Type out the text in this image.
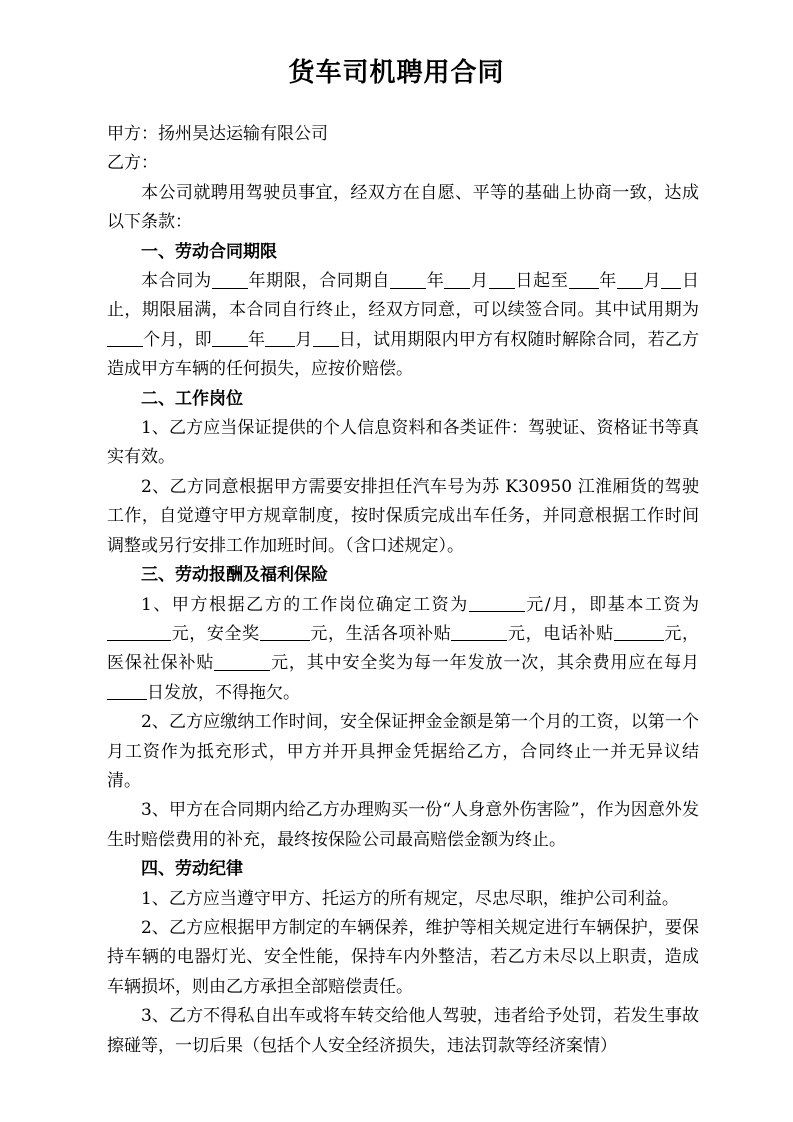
货车司机聘用合同

甲方：扬州昊达运输有限公司

乙方：

本公司就聘用驾驶员事宜，经双方在自愿、平等的基础上协商一致，达成以下条款：

一、劳动合同期限

本合同为 年期限，合同期自 年 月 日起至 年 月 日止，期限届满，本合同自行终止，经双方同意，可以续签合同。其中试用期为个月，即 年 月 日，试用期限内甲方有权随时解除合同，若乙方造成甲方车辆的任何损失，应按价赔偿。

二、工作岗位

1、乙方应当保证提供的个人信息资料和各类证件：驾驶证、资格证书等真实有效。

2、乙方同意根据甲方需要安排担任汽车号为苏 K30950 江淮厢货的驾驶工作，自觉遵守甲方规章制度，按时保质完成出车任务，并同意根据工作时间调整或另行安排工作加班时间。（含口述规定）。

三、劳动报酬及福利保险

1、甲方根据乙方的工作岗位确定工资为	元/月，即基本工资为元，安全奖	元，生活各项补贴	元，电话补贴	元，医保社保补贴	元，其中安全奖为每一年发放一次，其余费用应在每月日发放，不得拖欠。

2、乙方应缴纳工作时间，安全保证押金金额是第一个月的工资，以第一个月工资作为抵充形式，甲方并开具押金凭据给乙方，合同终止一并无异议结清。

3、甲方在合同期内给乙方办理购买一份“人身意外伤害险”，作为因意外发生时赔偿费用的补充，最终按保险公司最高赔偿金额为终止。

四、劳动纪律

1、乙方应当遵守甲方、托运方的所有规定，尽忠尽职，维护公司利益。

2、乙方应根据甲方制定的车辆保养，维护等相关规定进行车辆保护，要保持车辆的电器灯光、安全性能，保持车内外整洁，若乙方未尽以上职责，造成车辆损坏，则由乙方承担全部赔偿责任。

3、乙方不得私自出车或将车转交给他人驾驶，违者给予处罚，若发生事故擦碰等，一切后果（包括个人安全经济损失，违法罚款等经济案情）
